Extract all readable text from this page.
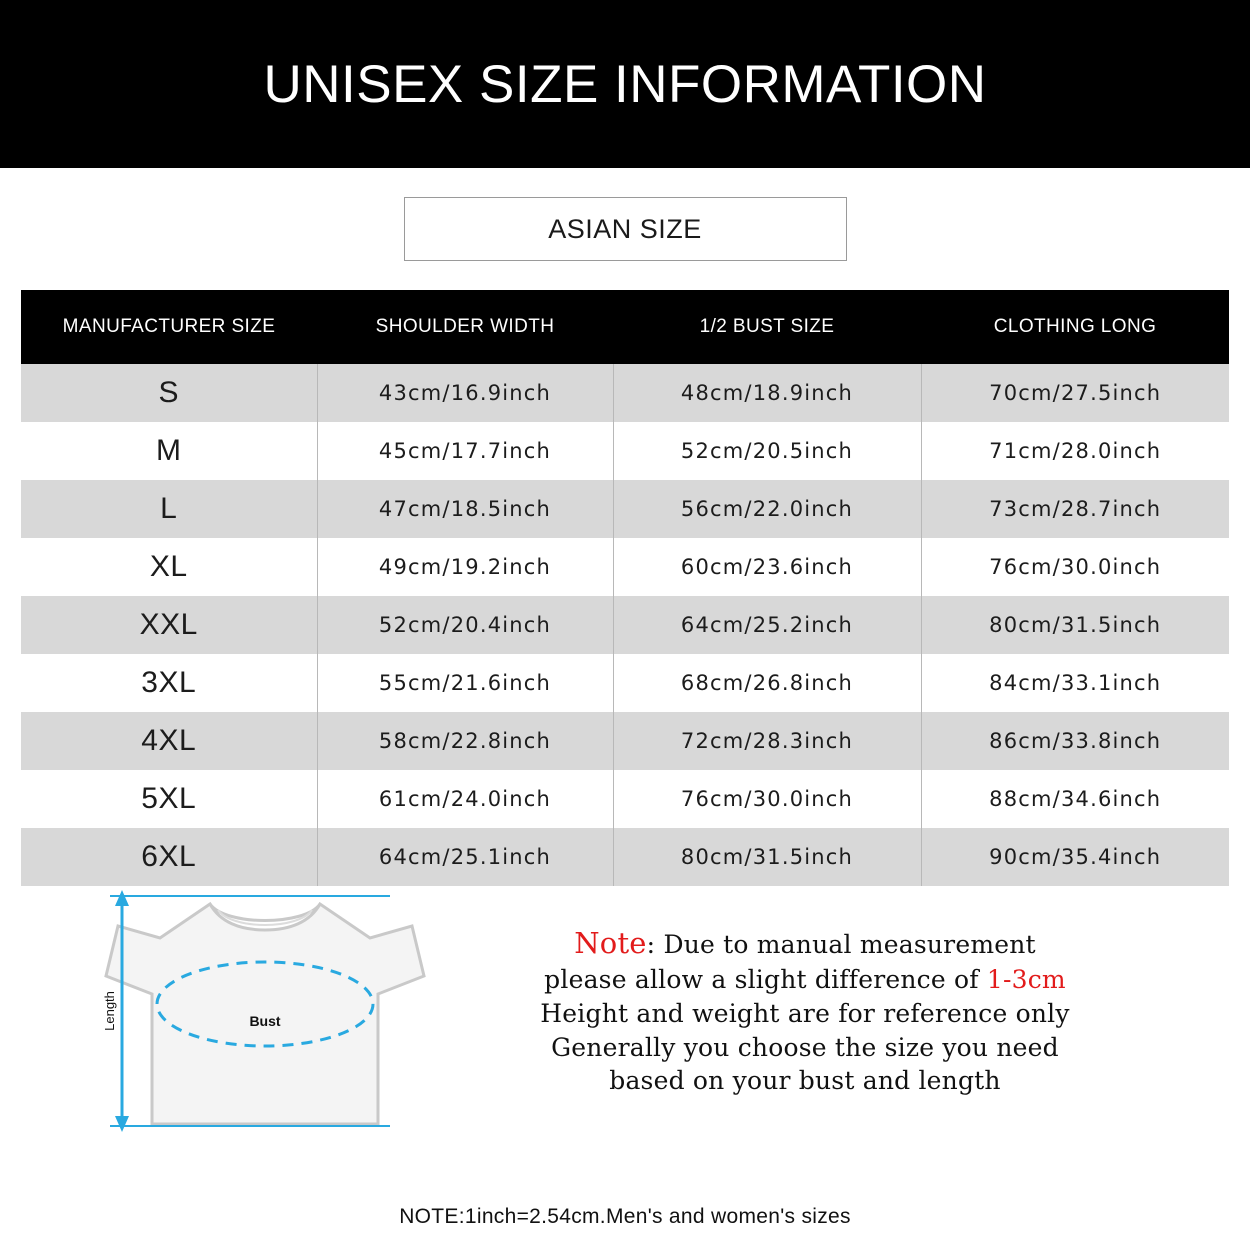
UNISEX SIZE INFORMATION
ASIAN SIZE
MANUFACTURER SIZE	SHOULDER WIDTH	1/2 BUST SIZE	CLOTHING LONG
S	43cm/16.9inch	48cm/18.9inch	70cm/27.5inch
M	45cm/17.7inch	52cm/20.5inch	71cm/28.0inch
L	47cm/18.5inch	56cm/22.0inch	73cm/28.7inch
XL	49cm/19.2inch	60cm/23.6inch	76cm/30.0inch
XXL	52cm/20.4inch	64cm/25.2inch	80cm/31.5inch
3XL	55cm/21.6inch	68cm/26.8inch	84cm/33.1inch
4XL	58cm/22.8inch	72cm/28.3inch	86cm/33.8inch
5XL	61cm/24.0inch	76cm/30.0inch	88cm/34.6inch
6XL	64cm/25.1inch	80cm/31.5inch	90cm/35.4inch
Bust
Length
Note: Due to manual measurement
please allow a slight difference of 1-3cm
Height and weight are for reference only
Generally you choose the size you need
based on your bust and length
NOTE:1inch=2.54cm.Men's and women's sizes
